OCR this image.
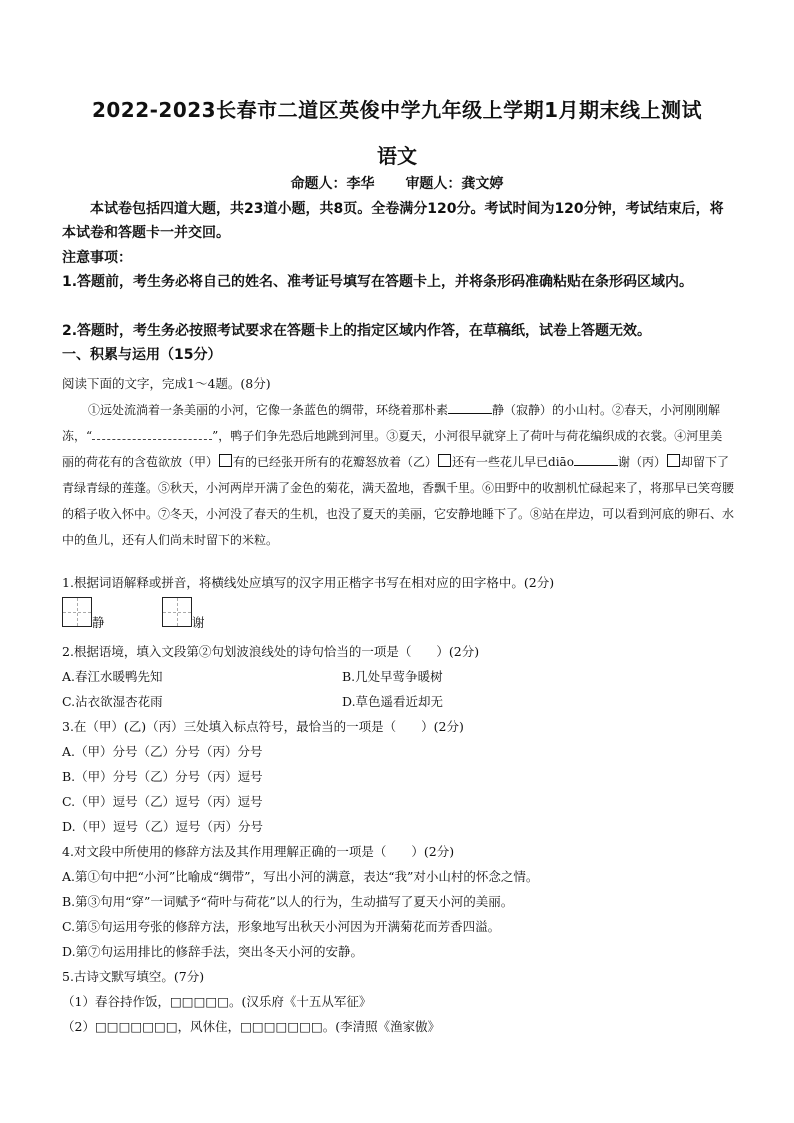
2022-2023长春市二道区英俊中学九年级上学期1月期末线上测试
语文
命题人：李华 审题人：龚文婷
本试卷包括四道大题，共23道小题，共8页。全卷满分120分。考试时间为120分钟，考试结束后，将本试卷和答题卡一并交回。
注意事项：
1.答题前，考生务必将自己的姓名、准考证号填写在答题卡上，并将条形码准确粘贴在条形码区域内。
2.答题时，考生务必按照考试要求在答题卡上的指定区域内作答，在草稿纸，试卷上答题无效。
一、积累与运用（15分）
阅读下面的文字，完成1～4题。(8分)
①远处流淌着一条美丽的小河，它像一条蓝色的绸带，环绕着那朴素	静（寂静）的小山村。②春天，小河刚刚解冻，“	”，鸭子们争先恐后地跳到河里。③夏天，小河很早就穿上了荷叶与荷花编织成的衣裳。④河里美丽的荷花有的含苞欲放（甲） 有的已经张开所有的花瓣怒放着（乙） 还有一些花儿早已diāo	谢（丙） 却留下了青绿青绿的莲蓬。⑤秋天，小河两岸开满了金色的菊花，满天盈地，香飘千里。⑥田野中的收割机忙碌起来了，将那早已笑弯腰的稻子收入怀中。⑦冬天，小河没了春天的生机，也没了夏天的美丽，它安静地睡下了。⑧站在岸边，可以看到河底的卵石、水中的鱼儿，还有人们尚未时留下的米粒。
1.根据词语解释或拼音，将横线处应填写的汉字用正楷字书写在相对应的田字格中。(2分)
静	谢
2.根据语境，填入文段第②句划波浪线处的诗句恰当的一项是（　　）(2分)
A.春江水暖鸭先知	B.几处早莺争暖树
C.沾衣欲湿杏花雨	D.草色遥看近却无
3.在（甲）(乙)（丙）三处填入标点符号，最恰当的一项是（　　）(2分)
A.（甲）分号（乙）分号（丙）分号
B.（甲）分号（乙）分号（丙）逗号
C.（甲）逗号（乙）逗号（丙）逗号
D.（甲）逗号（乙）逗号（丙）分号
4.对文段中所使用的修辞方法及其作用理解正确的一项是（　　）(2分)
A.第①句中把“小河”比喻成“绸带”，写出小河的满意，表达“我”对小山村的怀念之情。
B.第③句用“穿”一词赋予“荷叶与荷花”以人的行为，生动描写了夏天小河的美丽。
C.第⑤句运用夸张的修辞方法，形象地写出秋天小河因为开满菊花而芳香四溢。
D.第⑦句运用排比的修辞手法，突出冬天小河的安静。
5.古诗文默写填空。(7分)
（1）春谷持作饭，□□□□□。(汉乐府《十五从军征》
（2）□□□□□□□，风休住，□□□□□□□。(李清照《渔家傲》
